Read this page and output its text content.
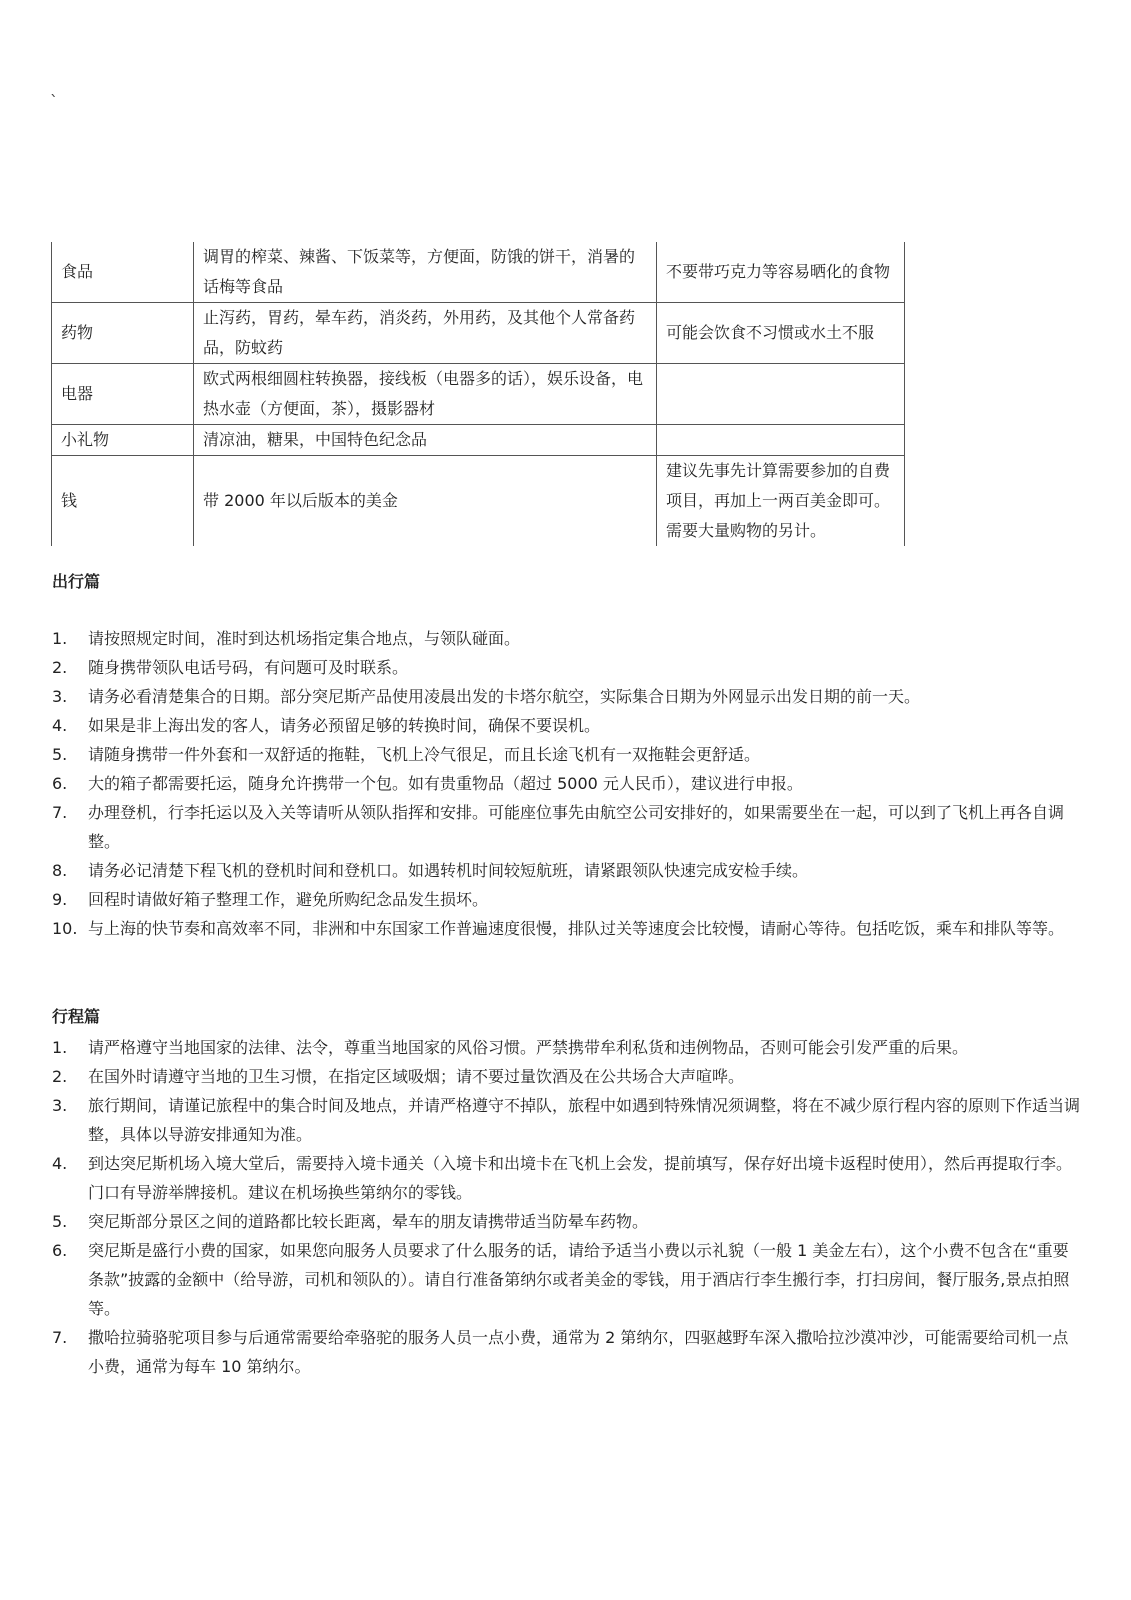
`
食品	调胃的榨菜、辣酱、下饭菜等，方便面，防饿的饼干，消暑的话梅等食品	不要带巧克力等容易晒化的食物
药物	止泻药，胃药，晕车药，消炎药，外用药，及其他个人常备药品，防蚊药	可能会饮食不习惯或水土不服
电器	欧式两根细圆柱转换器，接线板（电器多的话），娱乐设备，电热水壶（方便面，茶），摄影器材	
小礼物	清凉油，糖果，中国特色纪念品	
钱	带 2000 年以后版本的美金	建议先事先计算需要参加的自费项目，再加上一两百美金即可。需要大量购物的另计。
出行篇
1.	请按照规定时间，准时到达机场指定集合地点，与领队碰面。
2.	随身携带领队电话号码，有问题可及时联系。
3.	请务必看清楚集合的日期。部分突尼斯产品使用凌晨出发的卡塔尔航空，实际集合日期为外网显示出发日期的前一天。
4.	如果是非上海出发的客人，请务必预留足够的转换时间，确保不要误机。
5.	请随身携带一件外套和一双舒适的拖鞋，飞机上冷气很足，而且长途飞机有一双拖鞋会更舒适。
6.	大的箱子都需要托运，随身允许携带一个包。如有贵重物品（超过 5000 元人民币），建议进行申报。
7.	办理登机，行李托运以及入关等请听从领队指挥和安排。可能座位事先由航空公司安排好的，如果需要坐在一起，可以到了飞机上再各自调整。
8.	请务必记清楚下程飞机的登机时间和登机口。如遇转机时间较短航班，请紧跟领队快速完成安检手续。
9.	回程时请做好箱子整理工作，避免所购纪念品发生损坏。
10. 与上海的快节奏和高效率不同，非洲和中东国家工作普遍速度很慢，排队过关等速度会比较慢，请耐心等待。包括吃饭，乘车和排队等等。
行程篇
1.	请严格遵守当地国家的法律、法令，尊重当地国家的风俗习惯。严禁携带牟利私货和违例物品，否则可能会引发严重的后果。
2.	在国外时请遵守当地的卫生习惯，在指定区域吸烟；请不要过量饮酒及在公共场合大声喧哗。
3.	旅行期间，请谨记旅程中的集合时间及地点，并请严格遵守不掉队，旅程中如遇到特殊情况须调整，将在不减少原行程内容的原则下作适当调整，具体以导游安排通知为准。
4.	到达突尼斯机场入境大堂后，需要持入境卡通关（入境卡和出境卡在飞机上会发，提前填写，保存好出境卡返程时使用），然后再提取行李。门口有导游举牌接机。建议在机场换些第纳尔的零钱。
5.	突尼斯部分景区之间的道路都比较长距离，晕车的朋友请携带适当防晕车药物。
6.	突尼斯是盛行小费的国家，如果您向服务人员要求了什么服务的话，请给予适当小费以示礼貌（一般 1 美金左右），这个小费不包含在“重要条款”披露的金额中（给导游，司机和领队的）。请自行准备第纳尔或者美金的零钱，用于酒店行李生搬行李，打扫房间，餐厅服务,景点拍照等。
7.	撒哈拉骑骆驼项目参与后通常需要给牵骆驼的服务人员一点小费，通常为 2 第纳尔，四驱越野车深入撒哈拉沙漠冲沙，可能需要给司机一点小费，通常为每车 10 第纳尔。
